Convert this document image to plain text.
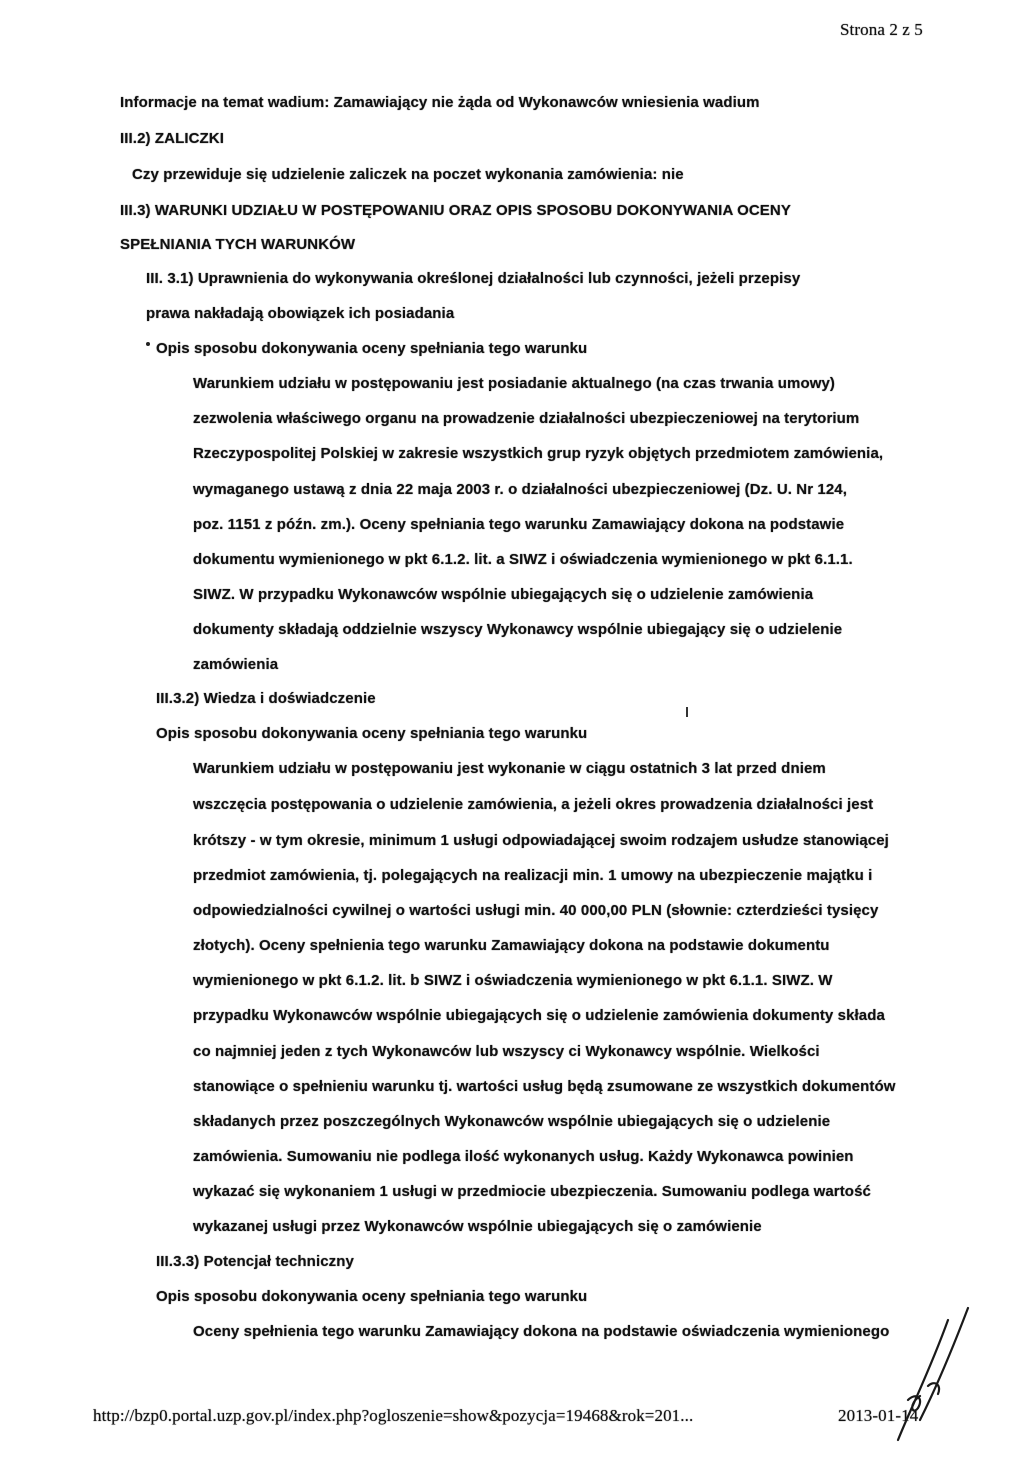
Strona 2 z 5
Informacje na temat wadium: Zamawiający nie żąda od Wykonawców wniesienia wadium
III.2) ZALICZKI
Czy przewiduje się udzielenie zaliczek na poczet wykonania zamówienia: nie
III.3) WARUNKI UDZIAŁU W POSTĘPOWANIU ORAZ OPIS SPOSOBU DOKONYWANIA OCENY
SPEŁNIANIA TYCH WARUNKÓW
III. 3.1) Uprawnienia do wykonywania określonej działalności lub czynności, jeżeli przepisy
prawa nakładają obowiązek ich posiadania
Opis sposobu dokonywania oceny spełniania tego warunku
Warunkiem udziału w postępowaniu jest posiadanie aktualnego (na czas trwania umowy)
zezwolenia właściwego organu na prowadzenie działalności ubezpieczeniowej na terytorium
Rzeczypospolitej Polskiej w zakresie wszystkich grup ryzyk objętych przedmiotem zamówienia,
wymaganego ustawą z dnia 22 maja 2003 r. o działalności ubezpieczeniowej (Dz. U. Nr 124,
poz. 1151 z późn. zm.). Oceny spełniania tego warunku Zamawiający dokona na podstawie
dokumentu wymienionego w pkt 6.1.2. lit. a SIWZ i oświadczenia wymienionego w pkt 6.1.1.
SIWZ. W przypadku Wykonawców wspólnie ubiegających się o udzielenie zamówienia
dokumenty składają oddzielnie wszyscy Wykonawcy wspólnie ubiegający się o udzielenie
zamówienia
III.3.2) Wiedza i doświadczenie
Opis sposobu dokonywania oceny spełniania tego warunku
Warunkiem udziału w postępowaniu jest wykonanie w ciągu ostatnich 3 lat przed dniem
wszczęcia postępowania o udzielenie zamówienia, a jeżeli okres prowadzenia działalności jest
krótszy - w tym okresie, minimum 1 usługi odpowiadającej swoim rodzajem usłudze stanowiącej
przedmiot zamówienia, tj. polegających na realizacji min. 1 umowy na ubezpieczenie majątku i
odpowiedzialności cywilnej o wartości usługi min. 40 000,00 PLN (słownie: czterdzieści tysięcy
złotych). Oceny spełnienia tego warunku Zamawiający dokona na podstawie dokumentu
wymienionego w pkt 6.1.2. lit. b SIWZ i oświadczenia wymienionego w pkt 6.1.1. SIWZ. W
przypadku Wykonawców wspólnie ubiegających się o udzielenie zamówienia dokumenty składa
co najmniej jeden z tych Wykonawców lub wszyscy ci Wykonawcy wspólnie. Wielkości
stanowiące o spełnieniu warunku tj. wartości usług będą zsumowane ze wszystkich dokumentów
składanych przez poszczególnych Wykonawców wspólnie ubiegających się o udzielenie
zamówienia. Sumowaniu nie podlega ilość wykonanych usług. Każdy Wykonawca powinien
wykazać się wykonaniem 1 usługi w przedmiocie ubezpieczenia. Sumowaniu podlega wartość
wykazanej usługi przez Wykonawców wspólnie ubiegających się o zamówienie
III.3.3) Potencjał techniczny
Opis sposobu dokonywania oceny spełniania tego warunku
Oceny spełnienia tego warunku Zamawiający dokona na podstawie oświadczenia wymienionego
http://bzp0.portal.uzp.gov.pl/index.php?ogloszenie=show&pozycja=19468&rok=201...	2013-01-14
